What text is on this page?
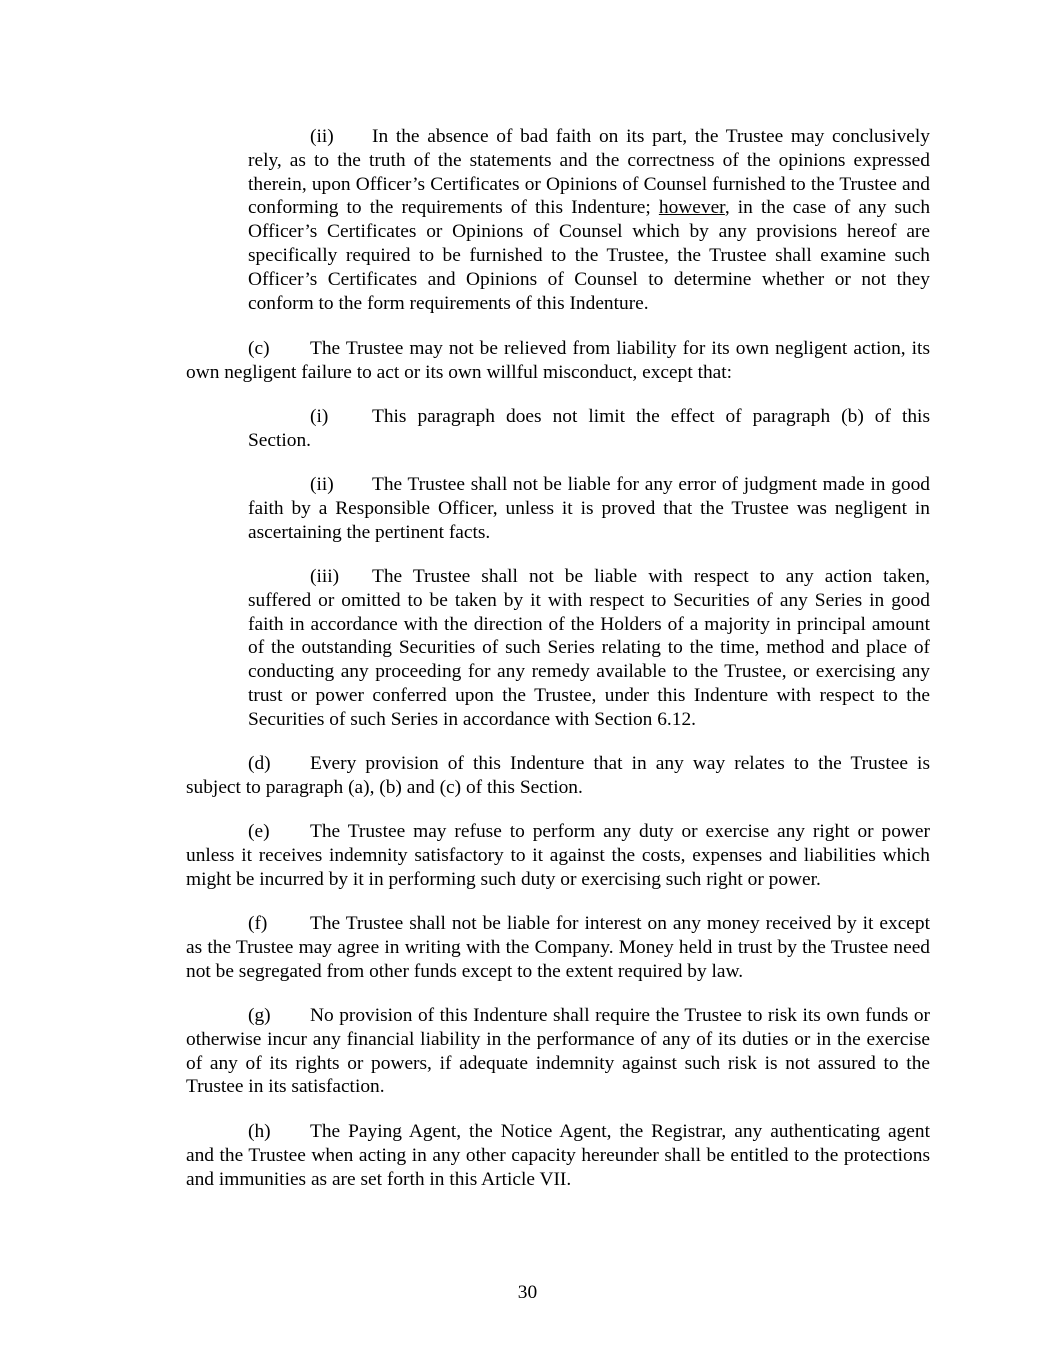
(ii) In the absence of bad faith on its part, the Trustee may conclusively rely, as to the truth of the statements and the correctness of the opinions expressed therein, upon Officer’s Certificates or Opinions of Counsel furnished to the Trustee and conforming to the requirements of this Indenture; however, in the case of any such Officer’s Certificates or Opinions of Counsel which by any provisions hereof are specifically required to be furnished to the Trustee, the Trustee shall examine such Officer’s Certificates and Opinions of Counsel to determine whether or not they conform to the form requirements of this Indenture.

(c) The Trustee may not be relieved from liability for its own negligent action, its own negligent failure to act or its own willful misconduct, except that:

(i) This paragraph does not limit the effect of paragraph (b) of this Section.

(ii) The Trustee shall not be liable for any error of judgment made in good faith by a Responsible Officer, unless it is proved that the Trustee was negligent in ascertaining the pertinent facts.

(iii) The Trustee shall not be liable with respect to any action taken, suffered or omitted to be taken by it with respect to Securities of any Series in good faith in accordance with the direction of the Holders of a majority in principal amount of the outstanding Securities of such Series relating to the time, method and place of conducting any proceeding for any remedy available to the Trustee, or exercising any trust or power conferred upon the Trustee, under this Indenture with respect to the Securities of such Series in accordance with Section 6.12.

(d) Every provision of this Indenture that in any way relates to the Trustee is subject to paragraph (a), (b) and (c) of this Section.

(e) The Trustee may refuse to perform any duty or exercise any right or power unless it receives indemnity satisfactory to it against the costs, expenses and liabilities which might be incurred by it in performing such duty or exercising such right or power.

(f) The Trustee shall not be liable for interest on any money received by it except as the Trustee may agree in writing with the Company. Money held in trust by the Trustee need not be segregated from other funds except to the extent required by law.

(g) No provision of this Indenture shall require the Trustee to risk its own funds or otherwise incur any financial liability in the performance of any of its duties or in the exercise of any of its rights or powers, if adequate indemnity against such risk is not assured to the Trustee in its satisfaction.

(h) The Paying Agent, the Notice Agent, the Registrar, any authenticating agent and the Trustee when acting in any other capacity hereunder shall be entitled to the protections and immunities as are set forth in this Article VII.

30
